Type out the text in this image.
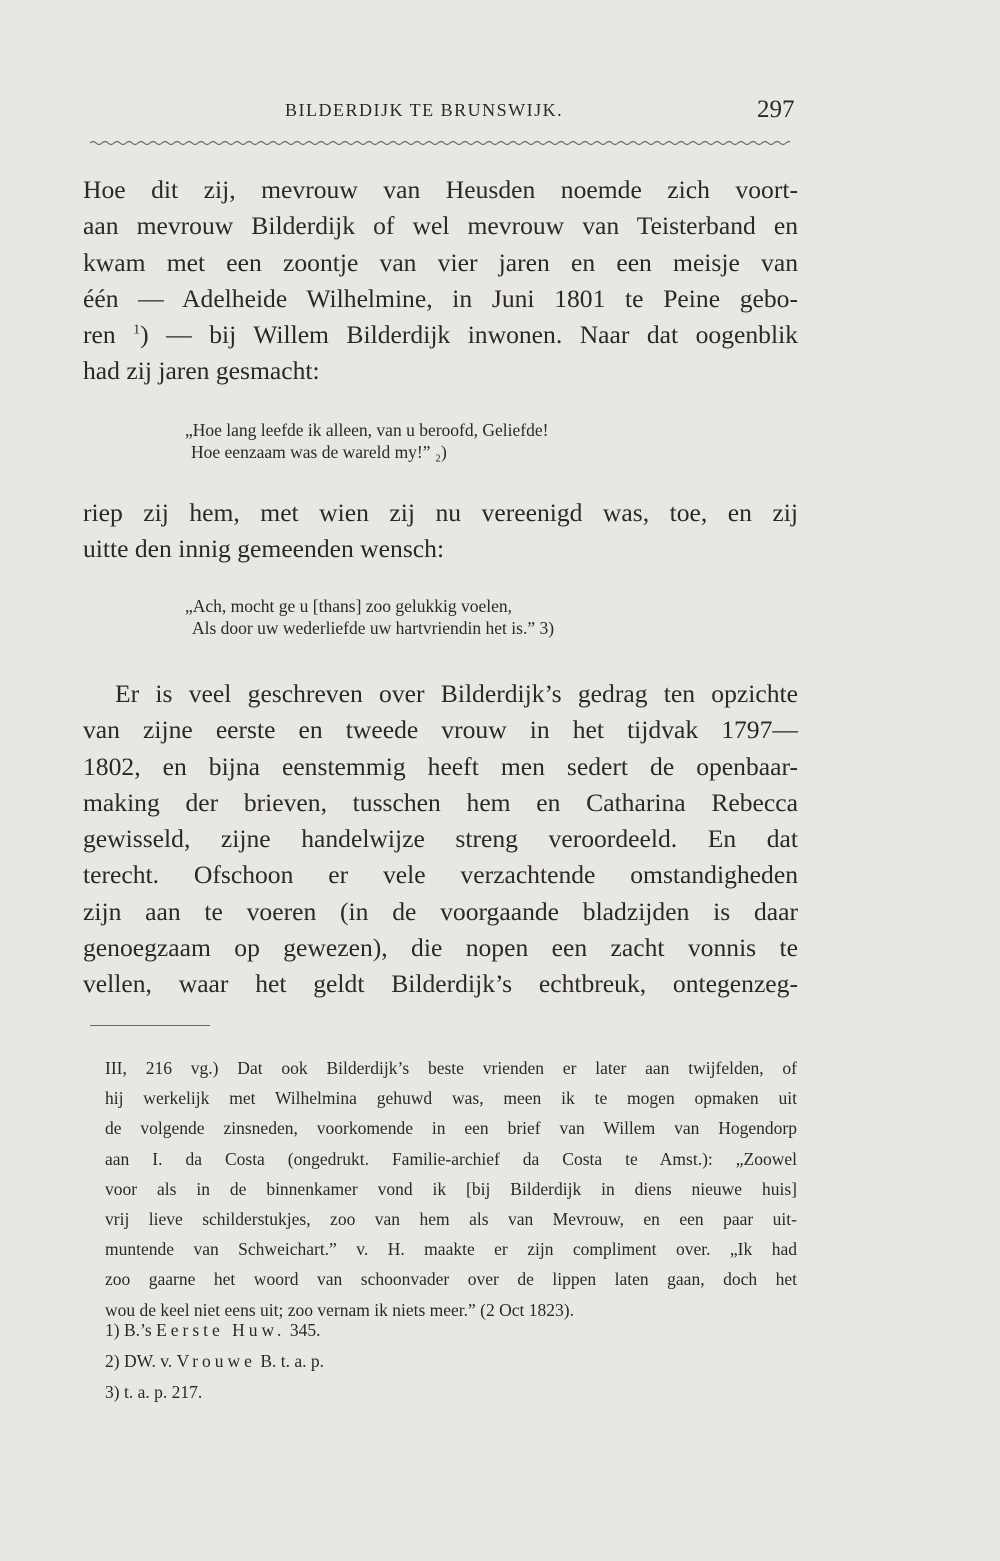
BILDERDIJK TE BRUNSWIJK.	297

Hoe dit zij, mevrouw van Heusden noemde zich voort-
aan mevrouw Bilderdijk of wel mevrouw van Teisterband en
kwam met een zoontje van vier jaren en een meisje van
één — Adelheide Wilhelmine, in Juni 1801 te Peine gebo-
ren $^1$) — bij Willem Bilderdijk inwonen. Naar dat oogenblik
had zij jaren gesmacht:

„Hoe lang leefde ik alleen, van u beroofd, Geliefde!
Hoe eenzaam was de wareld my!” ₂)

riep zij hem, met wien zij nu vereenigd was, toe, en zij
uitte den innig gemeenden wensch:

„Ach, mocht ge u [thans] zoo gelukkig voelen,
Als door uw wederliefde uw hartvriendin het is.” 3)

Er is veel geschreven over Bilderdijk’s gedrag ten opzichte
van zijne eerste en tweede vrouw in het tijdvak 1797—
1802, en bijna eenstemmig heeft men sedert de openbaar-
making der brieven, tusschen hem en Catharina Rebecca
gewisseld, zijne handelwijze streng veroordeeld. En dat
terecht. Ofschoon er vele verzachtende omstandigheden
zijn aan te voeren (in de voorgaande bladzijden is daar
genoegzaam op gewezen), die nopen een zacht vonnis te
vellen, waar het geldt Bilderdijk’s echtbreuk, ontegenzeg-

III, 216 vg.) Dat ook Bilderdijk’s beste vrienden er later aan twijfelden, of
hij werkelijk met Wilhelmina gehuwd was, meen ik te mogen opmaken uit
de volgende zinsneden, voorkomende in een brief van Willem van Hogendorp
aan I. da Costa (ongedrukt. Familie-archief da Costa te Amst.): „Zoowel
voor als in de binnenkamer vond ik [bij Bilderdijk in diens nieuwe huis]
vrij lieve schilderstukjes, zoo van hem als van Mevrouw, en een paar uit-
muntende van Schweichart.” v. H. maakte er zijn compliment over. „Ik had
zoo gaarne het woord van schoonvader over de lippen laten gaan, doch het
wou de keel niet eens uit; zoo vernam ik niets meer.” (2 Oct 1823).

1) B.’s Eerste Huw. 345.
2) DW. v. Vrouwe B. t. a. p.
3) t. a. p. 217.
